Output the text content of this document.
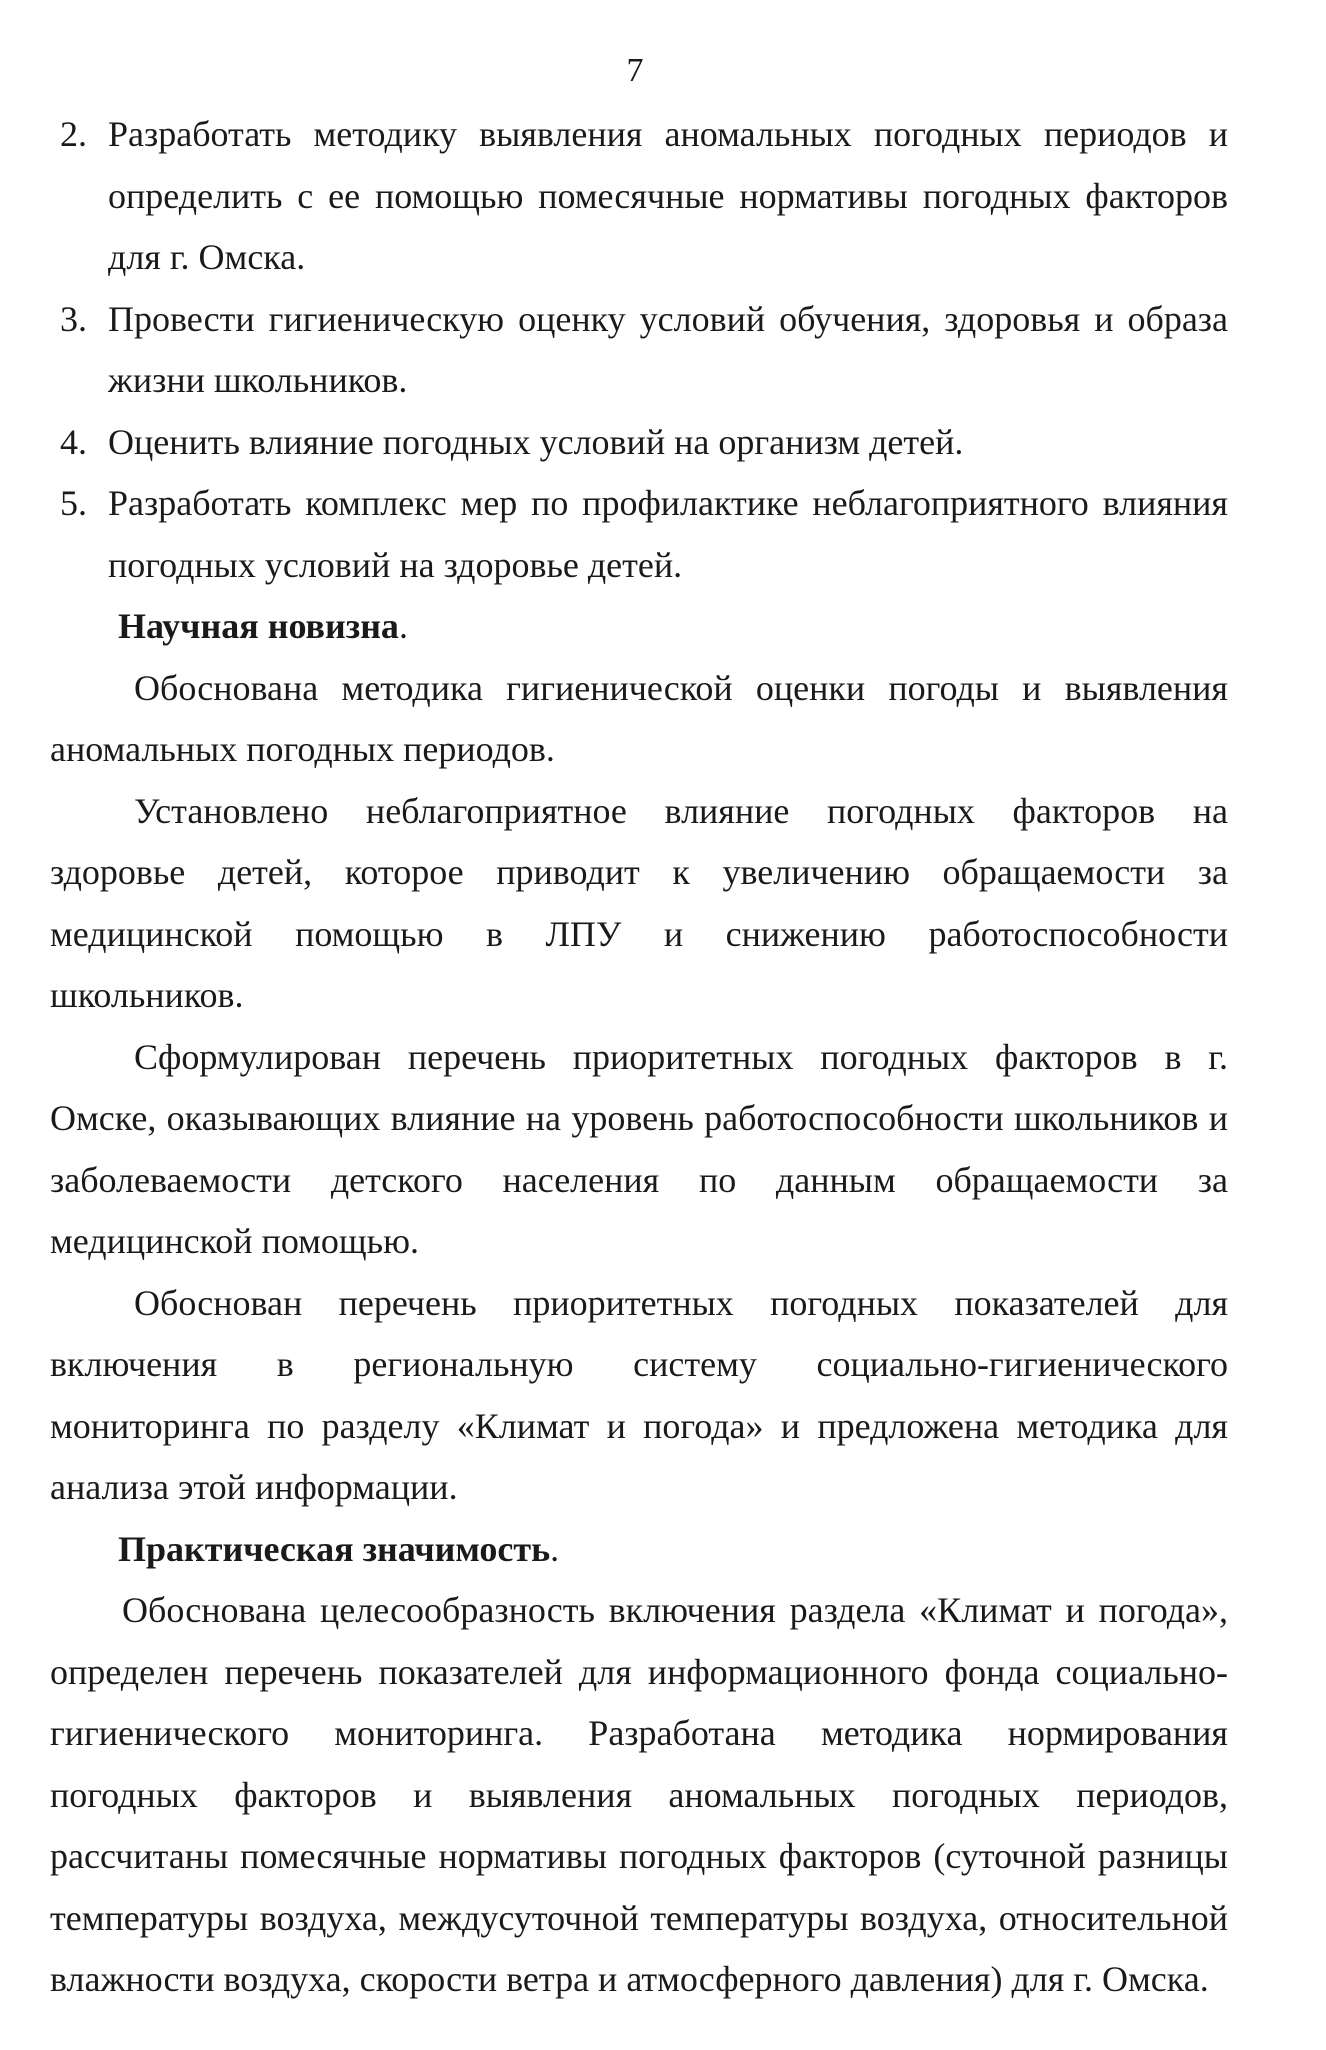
7
2. Разработать методику выявления аномальных погодных периодов и определить с ее помощью помесячные нормативы погодных факторов для г. Омска.
3. Провести гигиеническую оценку условий обучения, здоровья и образа жизни школьников.
4. Оценить влияние погодных условий на организм детей.
5. Разработать комплекс мер по профилактике неблагоприятного влияния погодных условий на здоровье детей.

Научная новизна.

Обоснована методика гигиенической оценки погоды и выявления аномальных погодных периодов.

Установлено неблагоприятное влияние погодных факторов на здоровье детей, которое приводит к увеличению обращаемости за медицинской помощью в ЛПУ и снижению работоспособности школьников.

Сформулирован перечень приоритетных погодных факторов в г. Омске, оказывающих влияние на уровень работоспособности школьников и заболеваемости детского населения по данным обращаемости за медицинской помощью.

Обоснован перечень приоритетных погодных показателей для включения в региональную систему социально-гигиенического мониторинга по разделу «Климат и погода» и предложена методика для анализа этой информации.

Практическая значимость.

Обоснована целесообразность включения раздела «Климат и погода», определен перечень показателей для информационного фонда социально-гигиенического мониторинга. Разработана методика нормирования погодных факторов и выявления аномальных погодных периодов, рассчитаны помесячные нормативы погодных факторов (суточной разницы температуры воздуха, междусуточной температуры воздуха, относительной влажности воздуха, скорости ветра и атмосферного давления) для г. Омска.
